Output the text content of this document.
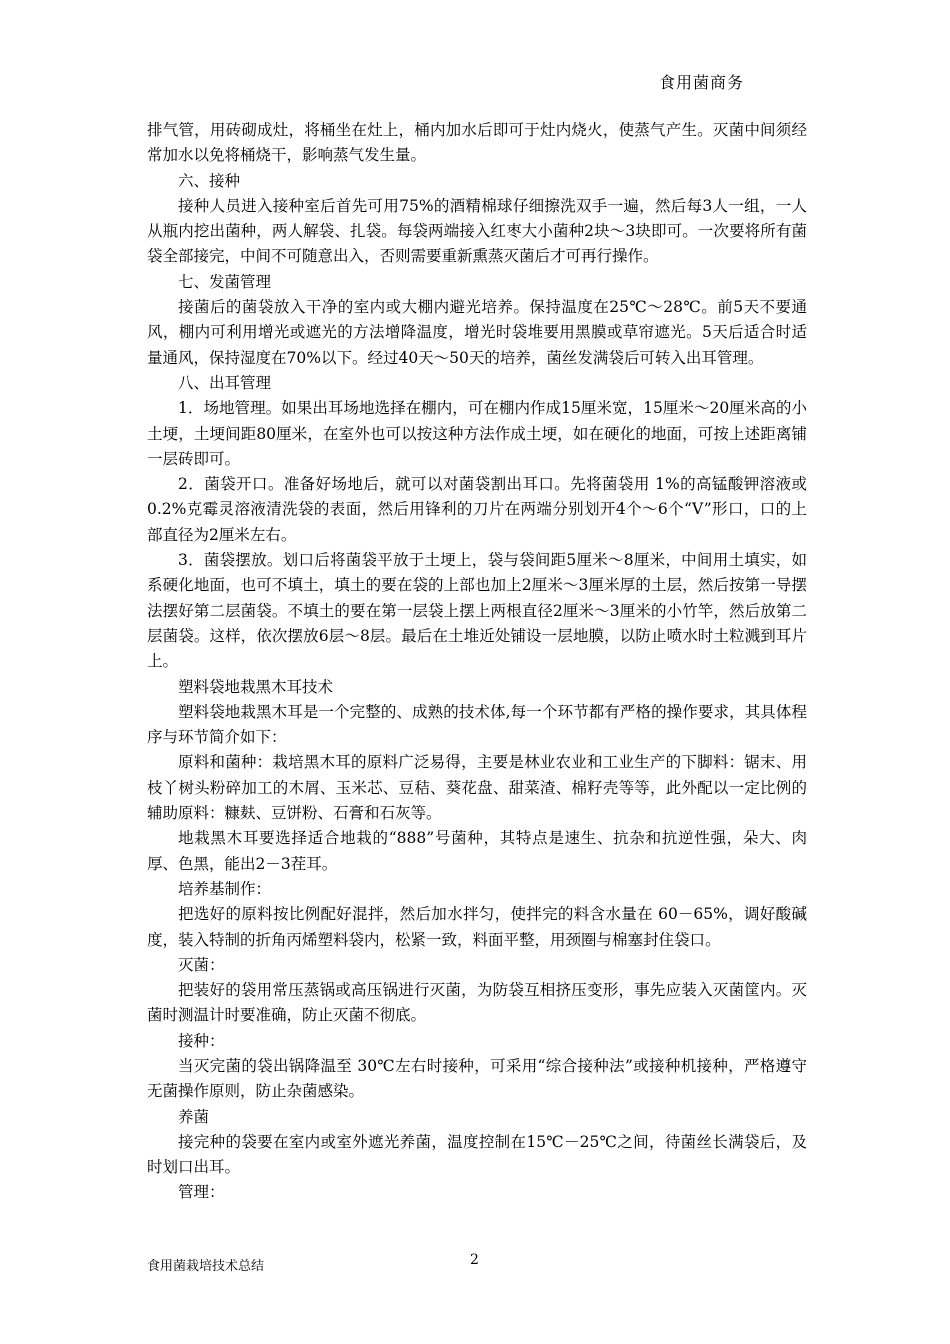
食用菌商务

排气管，用砖砌成灶，将桶坐在灶上，桶内加水后即可于灶内烧火，使蒸气产生。灭菌中间须经常加水以免将桶烧干，影响蒸气发生量。

六、接种

接种人员进入接种室后首先可用75%的酒精棉球仔细擦洗双手一遍，然后每3人一组，一人从瓶内挖出菌种，两人解袋、扎袋。每袋两端接入红枣大小菌种2块～3块即可。一次要将所有菌袋全部接完，中间不可随意出入，否则需要重新熏蒸灭菌后才可再行操作。

七、发菌管理

接菌后的菌袋放入干净的室内或大棚内避光培养。保持温度在25℃～28℃。前5天不要通风，棚内可利用增光或遮光的方法增降温度，增光时袋堆要用黑膜或草帘遮光。5天后适合时适量通风，保持湿度在70%以下。经过40天～50天的培养，菌丝发满袋后可转入出耳管理。

八、出耳管理

1．场地管理。如果出耳场地选择在棚内，可在棚内作成15厘米宽，15厘米～20厘米高的小土埂，土埂间距80厘米，在室外也可以按这种方法作成土埂，如在硬化的地面，可按上述距离铺一层砖即可。

2．菌袋开口。准备好场地后，就可以对菌袋割出耳口。先将菌袋用 1%的高锰酸钾溶液或0.2%克霉灵溶液清洗袋的表面，然后用锋利的刀片在两端分别划开4个～6个“V”形口，口的上部直径为2厘米左右。

3．菌袋摆放。划口后将菌袋平放于土埂上，袋与袋间距5厘米～8厘米，中间用土填实，如系硬化地面，也可不填土，填土的要在袋的上部也加上2厘米～3厘米厚的土层，然后按第一导摆法摆好第二层菌袋。不填土的要在第一层袋上摆上两根直径2厘米～3厘米的小竹竿，然后放第二层菌袋。这样，依次摆放6层～8层。最后在土堆近处铺设一层地膜，以防止喷水时土粒溅到耳片上。

塑料袋地栽黑木耳技术

塑料袋地栽黑木耳是一个完整的、成熟的技术体,每一个环节都有严格的操作要求，其具体程序与环节简介如下：

原料和菌种：栽培黑木耳的原料广泛易得，主要是林业农业和工业生产的下脚料：锯末、用枝丫树头粉碎加工的木屑、玉米芯、豆秸、葵花盘、甜菜渣、棉籽壳等等，此外配以一定比例的辅助原料：糠麸、豆饼粉、石膏和石灰等。

地栽黑木耳要选择适合地栽的“888”号菌种，其特点是速生、抗杂和抗逆性强，朵大、肉厚、色黑，能出2－3茬耳。

培养基制作：

把选好的原料按比例配好混拌，然后加水拌匀，使拌完的料含水量在 60－65%，调好酸碱度，装入特制的折角丙烯塑料袋内，松紧一致，料面平整，用颈圈与棉塞封住袋口。

灭菌：

把装好的袋用常压蒸锅或高压锅进行灭菌，为防袋互相挤压变形，事先应装入灭菌筐内。灭菌时测温计时要准确，防止灭菌不彻底。

接种：

当灭完菌的袋出锅降温至 30℃左右时接种，可采用“综合接种法”或接种机接种，严格遵守无菌操作原则，防止杂菌感染。

养菌

接完种的袋要在室内或室外遮光养菌，温度控制在15℃－25℃之间，待菌丝长满袋后，及时划口出耳。

管理：

食用菌栽培技术总结	2
